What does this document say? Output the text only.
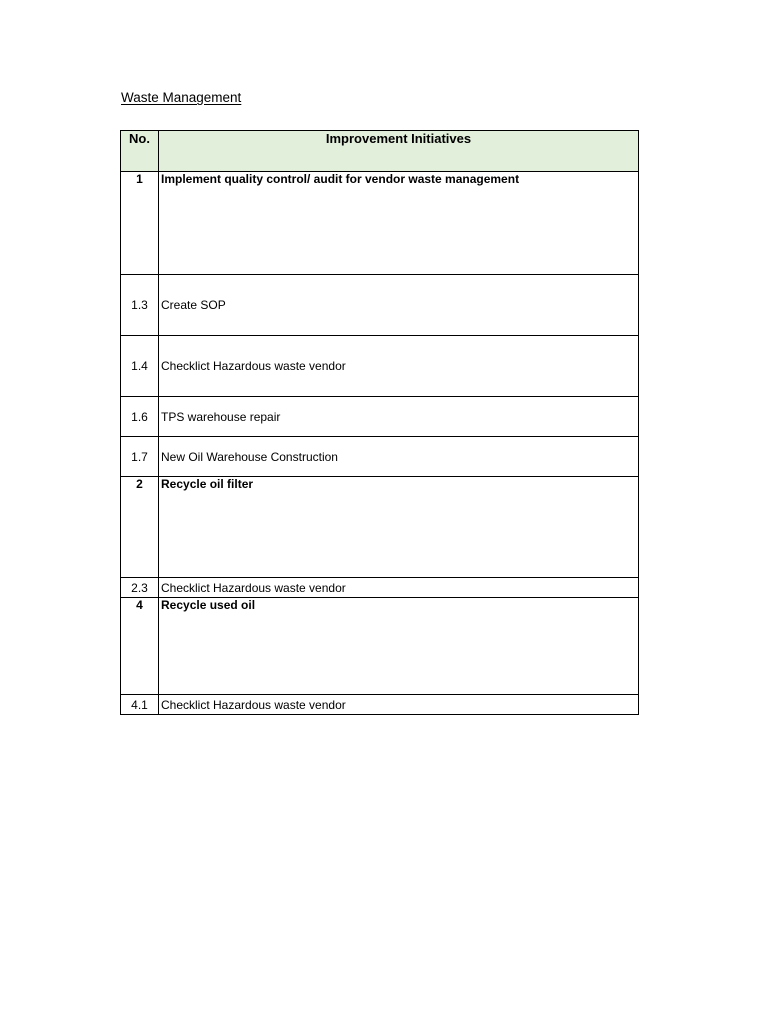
Waste Management
No.	Improvement Initiatives
1	Implement quality control/ audit for vendor waste management
1.3	Create SOP
1.4	Checklict Hazardous waste vendor
1.6	TPS warehouse repair
1.7	New Oil Warehouse Construction
2	Recycle oil filter
2.3	Checklict Hazardous waste vendor
4	Recycle used oil
4.1	Checklict Hazardous waste vendor
